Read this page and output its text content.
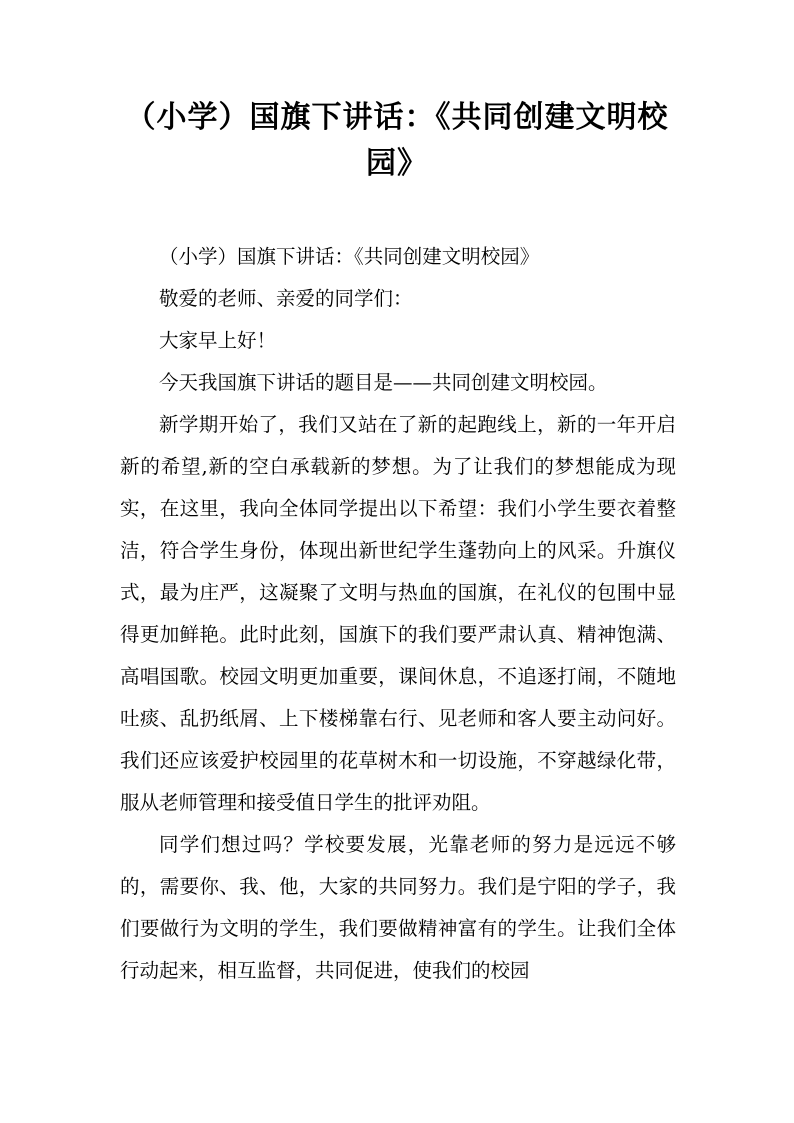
（小学）国旗下讲话：《共同创建文明校园》

（小学）国旗下讲话：《共同创建文明校园》

敬爱的老师、亲爱的同学们：

大家早上好！

今天我国旗下讲话的题目是——共同创建文明校园。

新学期开始了，我们又站在了新的起跑线上，新的一年开启新的希望,新的空白承载新的梦想。为了让我们的梦想能成为现实，在这里，我向全体同学提出以下希望：我们小学生要衣着整洁，符合学生身份，体现出新世纪学生蓬勃向上的风采。升旗仪式，最为庄严，这凝聚了文明与热血的国旗，在礼仪的包围中显得更加鲜艳。此时此刻，国旗下的我们要严肃认真、精神饱满、高唱国歌。校园文明更加重要，课间休息，不追逐打闹，不随地吐痰、乱扔纸屑、上下楼梯靠右行、见老师和客人要主动问好。我们还应该爱护校园里的花草树木和一切设施，不穿越绿化带，服从老师管理和接受值日学生的批评劝阻。

同学们想过吗？学校要发展，光靠老师的努力是远远不够的，需要你、我、他，大家的共同努力。我们是宁阳的学子，我们要做行为文明的学生，我们要做精神富有的学生。让我们全体行动起来，相互监督，共同促进，使我们的校园
